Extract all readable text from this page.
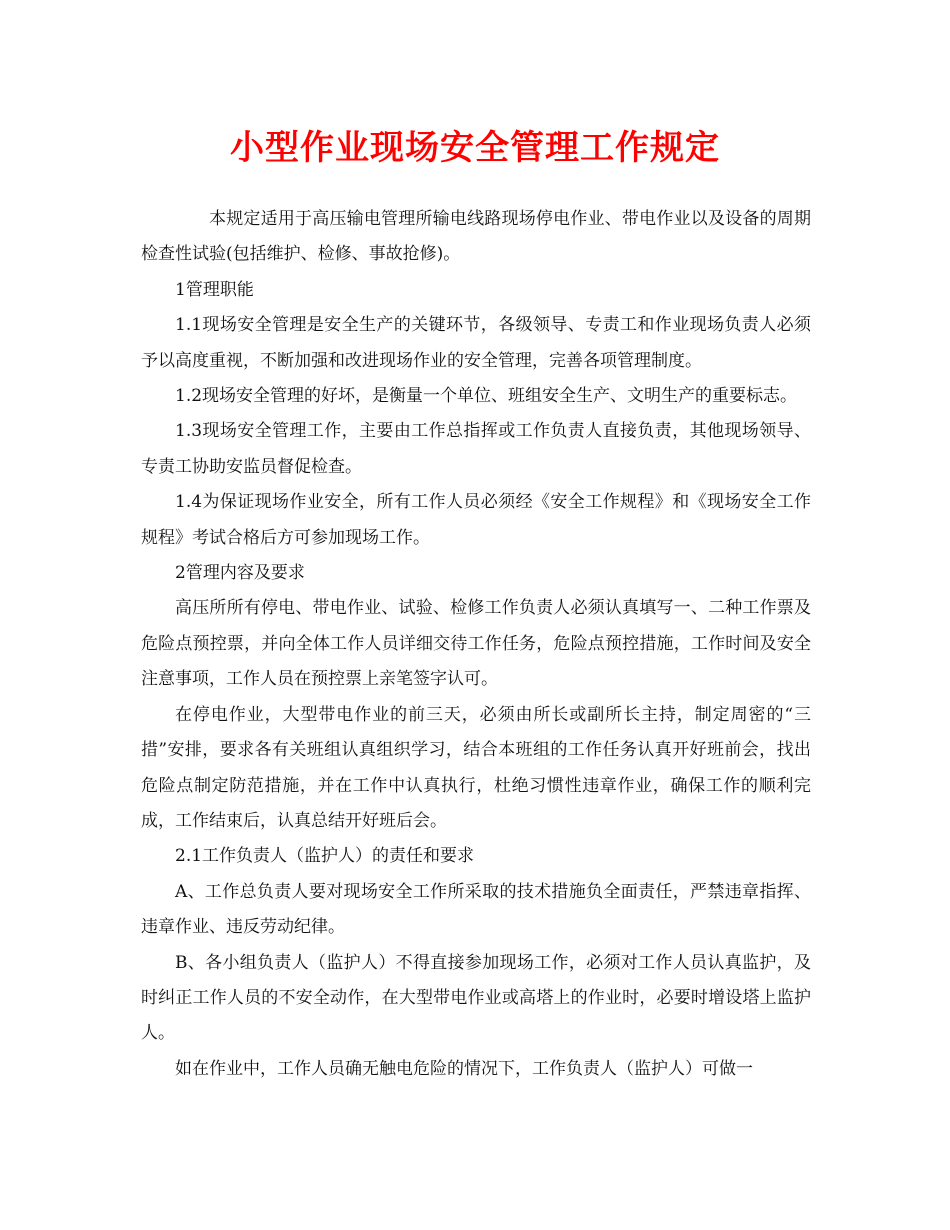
小型作业现场安全管理工作规定

本规定适用于高压输电管理所输电线路现场停电作业、带电作业以及设备的周期检查性试验(包括维护、检修、事故抢修)。

1管理职能

1.1现场安全管理是安全生产的关键环节，各级领导、专责工和作业现场负责人必须予以高度重视，不断加强和改进现场作业的安全管理，完善各项管理制度。

1.2现场安全管理的好坏，是衡量一个单位、班组安全生产、文明生产的重要标志。

1.3现场安全管理工作，主要由工作总指挥或工作负责人直接负责，其他现场领导、专责工协助安监员督促检查。

1.4为保证现场作业安全，所有工作人员必须经《安全工作规程》和《现场安全工作规程》考试合格后方可参加现场工作。

2管理内容及要求

高压所所有停电、带电作业、试验、检修工作负责人必须认真填写一、二种工作票及危险点预控票，并向全体工作人员详细交待工作任务，危险点预控措施，工作时间及安全注意事项，工作人员在预控票上亲笔签字认可。

在停电作业，大型带电作业的前三天，必须由所长或副所长主持，制定周密的“三措”安排，要求各有关班组认真组织学习，结合本班组的工作任务认真开好班前会，找出危险点制定防范措施，并在工作中认真执行，杜绝习惯性违章作业，确保工作的顺利完成，工作结束后，认真总结开好班后会。

2.1工作负责人（监护人）的责任和要求

A、工作总负责人要对现场安全工作所采取的技术措施负全面责任，严禁违章指挥、违章作业、违反劳动纪律。

B、各小组负责人（监护人）不得直接参加现场工作，必须对工作人员认真监护，及时纠正工作人员的不安全动作，在大型带电作业或高塔上的作业时，必要时增设塔上监护人。

如在作业中，工作人员确无触电危险的情况下，工作负责人（监护人）可做一
